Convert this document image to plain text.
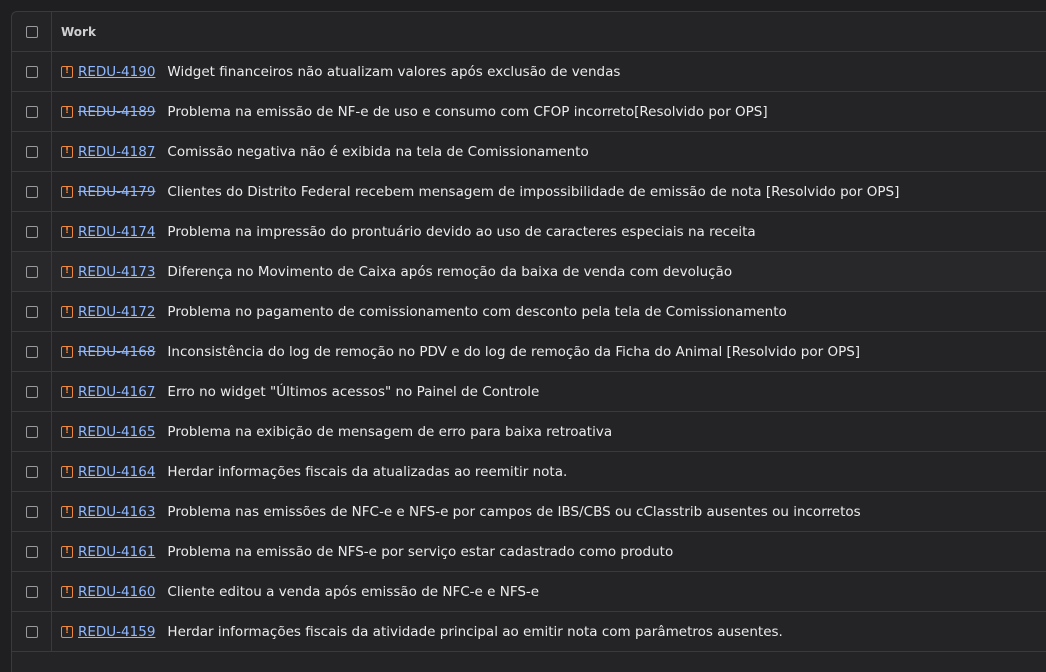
Work
! REDU-4190 Widget financeiros não atualizam valores após exclusão de vendas
! REDU-4189 Problema na emissão de NF-e de uso e consumo com CFOP incorreto[Resolvido por OPS]
! REDU-4187 Comissão negativa não é exibida na tela de Comissionamento
! REDU-4179 Clientes do Distrito Federal recebem mensagem de impossibilidade de emissão de nota [Resolvido por OPS]
! REDU-4174 Problema na impressão do prontuário devido ao uso de caracteres especiais na receita
! REDU-4173 Diferença no Movimento de Caixa após remoção da baixa de venda com devolução
! REDU-4172 Problema no pagamento de comissionamento com desconto pela tela de Comissionamento
! REDU-4168 Inconsistência do log de remoção no PDV e do log de remoção da Ficha do Animal [Resolvido por OPS]
! REDU-4167 Erro no widget "Últimos acessos" no Painel de Controle
! REDU-4165 Problema na exibição de mensagem de erro para baixa retroativa
! REDU-4164 Herdar informações fiscais da atualizadas ao reemitir nota.
! REDU-4163 Problema nas emissões de NFC-e e NFS-e por campos de IBS/CBS ou cClasstrib ausentes ou incorretos
! REDU-4161 Problema na emissão de NFS-e por serviço estar cadastrado como produto
! REDU-4160 Cliente editou a venda após emissão de NFC-e e NFS-e
! REDU-4159 Herdar informações fiscais da atividade principal ao emitir nota com parâmetros ausentes.
